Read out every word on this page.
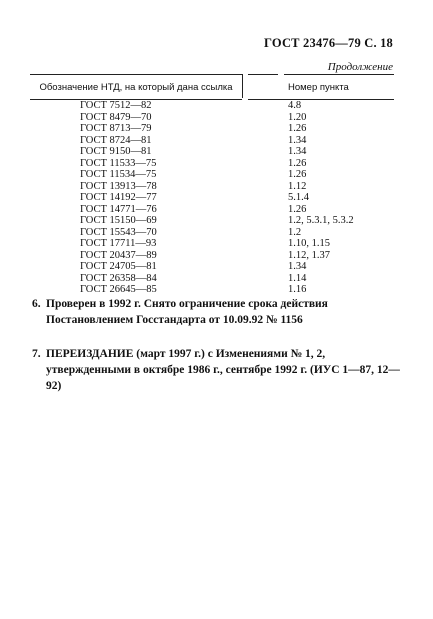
ГОСТ 23476—79 С. 18
Продолжение
Обозначение НТД, на который дана ссылка	Номер пункта
ГОСТ 7512—82	4.8
ГОСТ 8479—70	1.20
ГОСТ 8713—79	1.26
ГОСТ 8724—81	1.34
ГОСТ 9150—81	1.34
ГОСТ 11533—75	1.26
ГОСТ 11534—75	1.26
ГОСТ 13913—78	1.12
ГОСТ 14192—77	5.1.4
ГОСТ 14771—76	1.26
ГОСТ 15150—69	1.2, 5.3.1, 5.3.2
ГОСТ 15543—70	1.2
ГОСТ 17711—93	1.10, 1.15
ГОСТ 20437—89	1.12, 1.37
ГОСТ 24705—81	1.34
ГОСТ 26358—84	1.14
ГОСТ 26645—85	1.16
6. Проверен в 1992 г. Снято ограничение срока действия Постановлением Госстандарта от 10.09.92 № 1156
7. ПЕРЕИЗДАНИЕ (март 1997 г.) с Изменениями № 1, 2, утвержденными в октябре 1986 г., сентябре 1992 г. (ИУС 1—87, 12—92)
